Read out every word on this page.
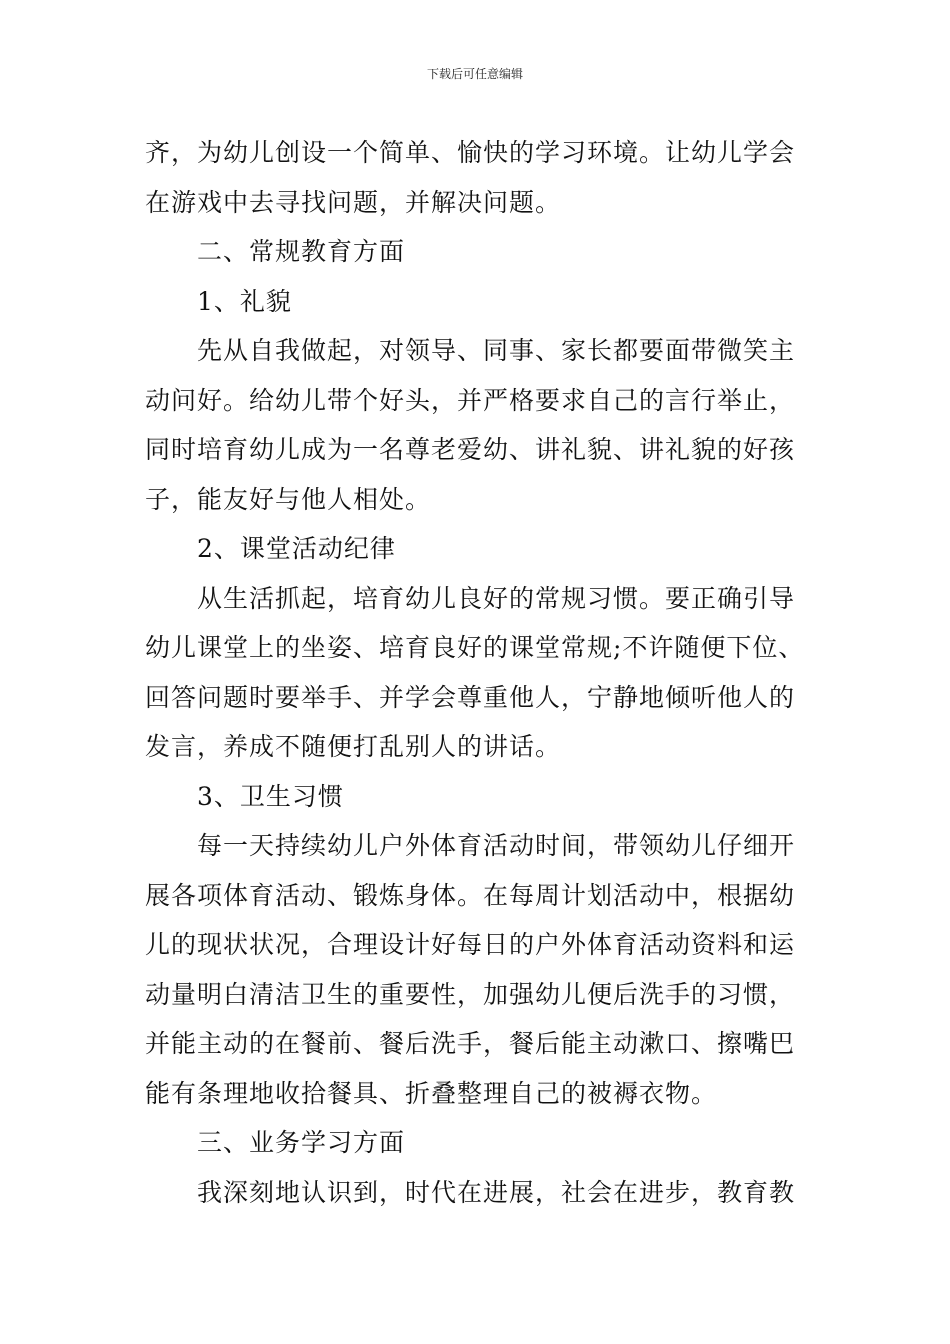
下载后可任意编辑
齐，为幼儿创设一个简单、愉快的学习环境。让幼儿学会
在游戏中去寻找问题，并解决问题。
二、常规教育方面
1、礼貌
先从自我做起，对领导、同事、家长都要面带微笑主
动问好。给幼儿带个好头，并严格要求自己的言行举止，
同时培育幼儿成为一名尊老爱幼、讲礼貌、讲礼貌的好孩
子，能友好与他人相处。
2、课堂活动纪律
从生活抓起，培育幼儿良好的常规习惯。要正确引导
幼儿课堂上的坐姿、培育良好的课堂常规;不许随便下位、
回答问题时要举手、并学会尊重他人，宁静地倾听他人的
发言，养成不随便打乱别人的讲话。
3、卫生习惯
每一天持续幼儿户外体育活动时间，带领幼儿仔细开
展各项体育活动、锻炼身体。在每周计划活动中，根据幼
儿的现状状况，合理设计好每日的户外体育活动资料和运
动量明白清洁卫生的重要性，加强幼儿便后洗手的习惯，
并能主动的在餐前、餐后洗手，餐后能主动漱口、擦嘴巴
能有条理地收拾餐具、折叠整理自己的被褥衣物。
三、业务学习方面
我深刻地认识到，时代在进展，社会在进步，教育教
